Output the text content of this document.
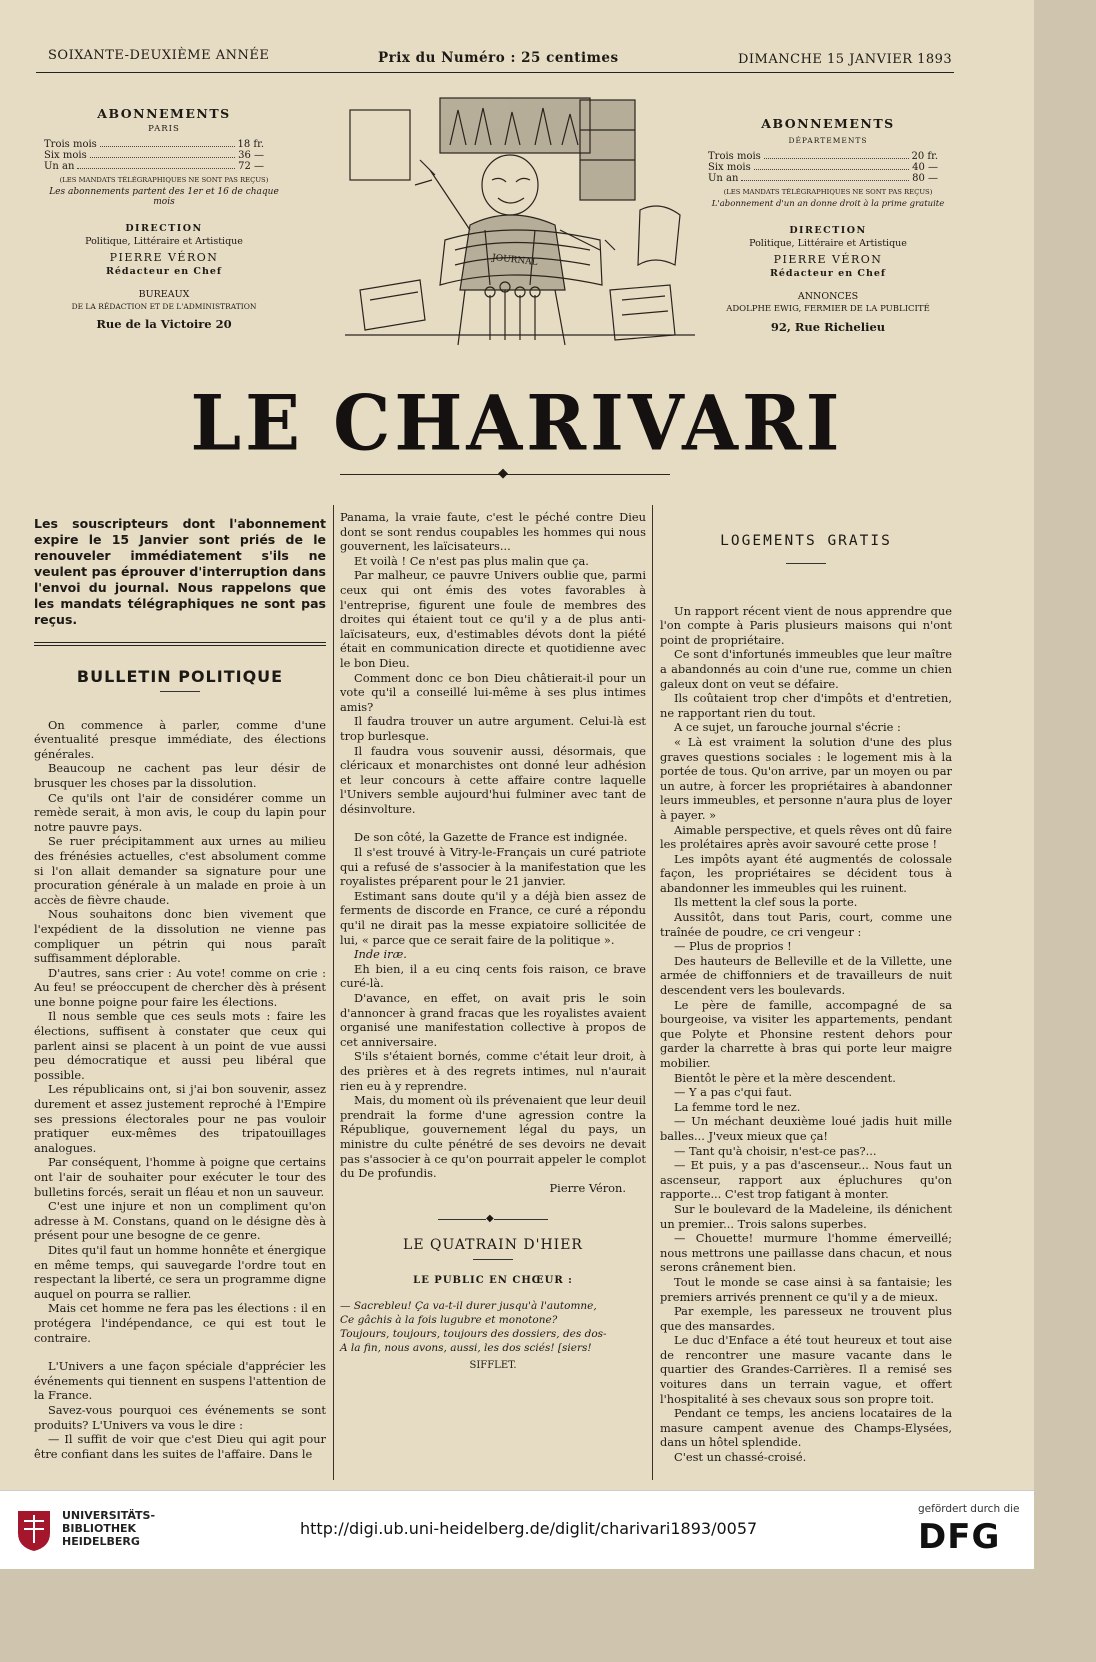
SOIXANTE-DEUXIÈME ANNÉE	Prix du Numéro : 25 centimes	DIMANCHE 15 JANVIER 1893
ABONNEMENTS
PARIS
Trois mois	18 fr.
Six mois	36 —
Un an	72 —
(LES MANDATS TÉLÉGRAPHIQUES NE SONT PAS REÇUS)
Les abonnements partent des 1er et 16 de chaque mois
DIRECTION
Politique, Littéraire et Artistique
PIERRE VÉRON
Rédacteur en Chef
BUREAUX
DE LA RÉDACTION ET DE L'ADMINISTRATION
Rue de la Victoire 20
ABONNEMENTS
DÉPARTEMENTS
Trois mois	20 fr.
Six mois	40 —
Un an	80 —
(LES MANDATS TÉLÉGRAPHIQUES NE SONT PAS REÇUS)
L'abonnement d'un an donne droit à la prime gratuite
DIRECTION
Politique, Littéraire et Artistique
PIERRE VÉRON
Rédacteur en Chef
ANNONCES
ADOLPHE EWIG, FERMIER DE LA PUBLICITÉ
92, Rue Richelieu
JOURNAL
LE CHARIVARI
◆
Les souscripteurs dont l'abonnement expire le 15 Janvier sont priés de le renouveler immédiatement s'ils ne veulent pas éprouver d'interruption dans l'envoi du journal. Nous rappelons que les mandats télégraphiques ne sont pas reçus.
BULLETIN POLITIQUE

On commence à parler, comme d'une éventualité presque immédiate, des élections générales.

Beaucoup ne cachent pas leur désir de brusquer les choses par la dissolution.

Ce qu'ils ont l'air de considérer comme un remède serait, à mon avis, le coup du lapin pour notre pauvre pays.

Se ruer précipitamment aux urnes au milieu des frénésies actuelles, c'est absolument comme si l'on allait demander sa signature pour une procuration générale à un malade en proie à un accès de fièvre chaude.

Nous souhaitons donc bien vivement que l'expédient de la dissolution ne vienne pas compliquer un pétrin qui nous paraît suffisamment déplorable.

D'autres, sans crier : Au vote! comme on crie : Au feu! se préoccupent de chercher dès à présent une bonne poigne pour faire les élections.

Il nous semble que ces seuls mots : faire les élections, suffisent à constater que ceux qui parlent ainsi se placent à un point de vue aussi peu démocratique et aussi peu libéral que possible.

Les républicains ont, si j'ai bon souvenir, assez durement et assez justement reproché à l'Empire ses pressions électorales pour ne pas vouloir pratiquer eux-mêmes des tripatouillages analogues.

Par conséquent, l'homme à poigne que certains ont l'air de souhaiter pour exécuter le tour des bulletins forcés, serait un fléau et non un sauveur.

C'est une injure et non un compliment qu'on adresse à M. Constans, quand on le désigne dès à présent pour une besogne de ce genre.

Dites qu'il faut un homme honnête et énergique en même temps, qui sauvegarde l'ordre tout en respectant la liberté, ce sera un programme digne auquel on pourra se rallier.

Mais cet homme ne fera pas les élections : il en protégera l'indépendance, ce qui est tout le contraire.

L'Univers a une façon spéciale d'apprécier les événements qui tiennent en suspens l'attention de la France.

Savez-vous pourquoi ces événements se sont produits? L'Univers va vous le dire :

— Il suffit de voir que c'est Dieu qui agit pour être confiant dans les suites de l'affaire. Dans le

Panama, la vraie faute, c'est le péché contre Dieu dont se sont rendus coupables les hommes qui nous gouvernent, les laïcisateurs...

Et voilà ! Ce n'est pas plus malin que ça.

Par malheur, ce pauvre Univers oublie que, parmi ceux qui ont émis des votes favorables à l'entreprise, figurent une foule de membres des droites qui étaient tout ce qu'il y a de plus anti-laïcisateurs, eux, d'estimables dévots dont la piété était en communication directe et quotidienne avec le bon Dieu.

Comment donc ce bon Dieu châtierait-il pour un vote qu'il a conseillé lui-même à ses plus intimes amis?

Il faudra trouver un autre argument. Celui-là est trop burlesque.

Il faudra vous souvenir aussi, désormais, que cléricaux et monarchistes ont donné leur adhésion et leur concours à cette affaire contre laquelle l'Univers semble aujourd'hui fulminer avec tant de désinvolture.

De son côté, la Gazette de France est indignée.

Il s'est trouvé à Vitry-le-Français un curé patriote qui a refusé de s'associer à la manifestation que les royalistes préparent pour le 21 janvier.

Estimant sans doute qu'il y a déjà bien assez de ferments de discorde en France, ce curé a répondu qu'il ne dirait pas la messe expiatoire sollicitée de lui, « parce que ce serait faire de la politique ».

Inde iræ.

Eh bien, il a eu cinq cents fois raison, ce brave curé-là.

D'avance, en effet, on avait pris le soin d'annoncer à grand fracas que les royalistes avaient organisé une manifestation collective à propos de cet anniversaire.

S'ils s'étaient bornés, comme c'était leur droit, à des prières et à des regrets intimes, nul n'aurait rien eu à y reprendre.

Mais, du moment où ils prévenaient que leur deuil prendrait la forme d'une agression contre la République, gouvernement légal du pays, un ministre du culte pénétré de ses devoirs ne devait pas s'associer à ce qu'on pourrait appeler le complot du De profundis.

Pierre Véron.

◆
LE QUATRAIN D'HIER
LE PUBLIC EN CHŒUR :
— Sacrebleu! Ça va-t-il durer jusqu'à l'automne,
Ce gâchis à la fois lugubre et monotone?
Toujours, toujours, toujours des dossiers, des dos-
A la fin, nous avons, aussi, les dos sciés! [siers!
SIFFLET.
LOGEMENTS GRATIS

Un rapport récent vient de nous apprendre que l'on compte à Paris plusieurs maisons qui n'ont point de propriétaire.

Ce sont d'infortunés immeubles que leur maître a abandonnés au coin d'une rue, comme un chien galeux dont on veut se défaire.

Ils coûtaient trop cher d'impôts et d'entretien, ne rapportant rien du tout.

A ce sujet, un farouche journal s'écrie :

« Là est vraiment la solution d'une des plus graves questions sociales : le logement mis à la portée de tous. Qu'on arrive, par un moyen ou par un autre, à forcer les propriétaires à abandonner leurs immeubles, et personne n'aura plus de loyer à payer. »

Aimable perspective, et quels rêves ont dû faire les prolétaires après avoir savouré cette prose !

Les impôts ayant été augmentés de colossale façon, les propriétaires se décident tous à abandonner les immeubles qui les ruinent.

Ils mettent la clef sous la porte.

Aussitôt, dans tout Paris, court, comme une traînée de poudre, ce cri vengeur :

— Plus de proprios !

Des hauteurs de Belleville et de la Villette, une armée de chiffonniers et de travailleurs de nuit descendent vers les boulevards.

Le père de famille, accompagné de sa bourgeoise, va visiter les appartements, pendant que Polyte et Phonsine restent dehors pour garder la charrette à bras qui porte leur maigre mobilier.

Bientôt le père et la mère descendent.

— Y a pas c'qui faut.

La femme tord le nez.

— Un méchant deuxième loué jadis huit mille balles... J'veux mieux que ça!

— Tant qu'à choisir, n'est-ce pas?...

— Et puis, y a pas d'ascenseur... Nous faut un ascenseur, rapport aux épluchures qu'on rapporte... C'est trop fatigant à monter.

Sur le boulevard de la Madeleine, ils dénichent un premier... Trois salons superbes.

— Chouette! murmure l'homme émerveillé; nous mettrons une paillasse dans chacun, et nous serons crânement bien.

Tout le monde se case ainsi à sa fantaisie; les premiers arrivés prennent ce qu'il y a de mieux.

Par exemple, les paresseux ne trouvent plus que des mansardes.

Le duc d'Enface a été tout heureux et tout aise de rencontrer une masure vacante dans le quartier des Grandes-Carrières. Il a remisé ses voitures dans un terrain vague, et offert l'hospitalité à ses chevaux sous son propre toit.

Pendant ce temps, les anciens locataires de la masure campent avenue des Champs-Elysées, dans un hôtel splendide.

C'est un chassé-croisé.

UNIVERSITÄTS-
BIBLIOTHEK
HEIDELBERG
http://digi.ub.uni-heidelberg.de/diglit/charivari1893/0057
gefördert durch die
DFG
